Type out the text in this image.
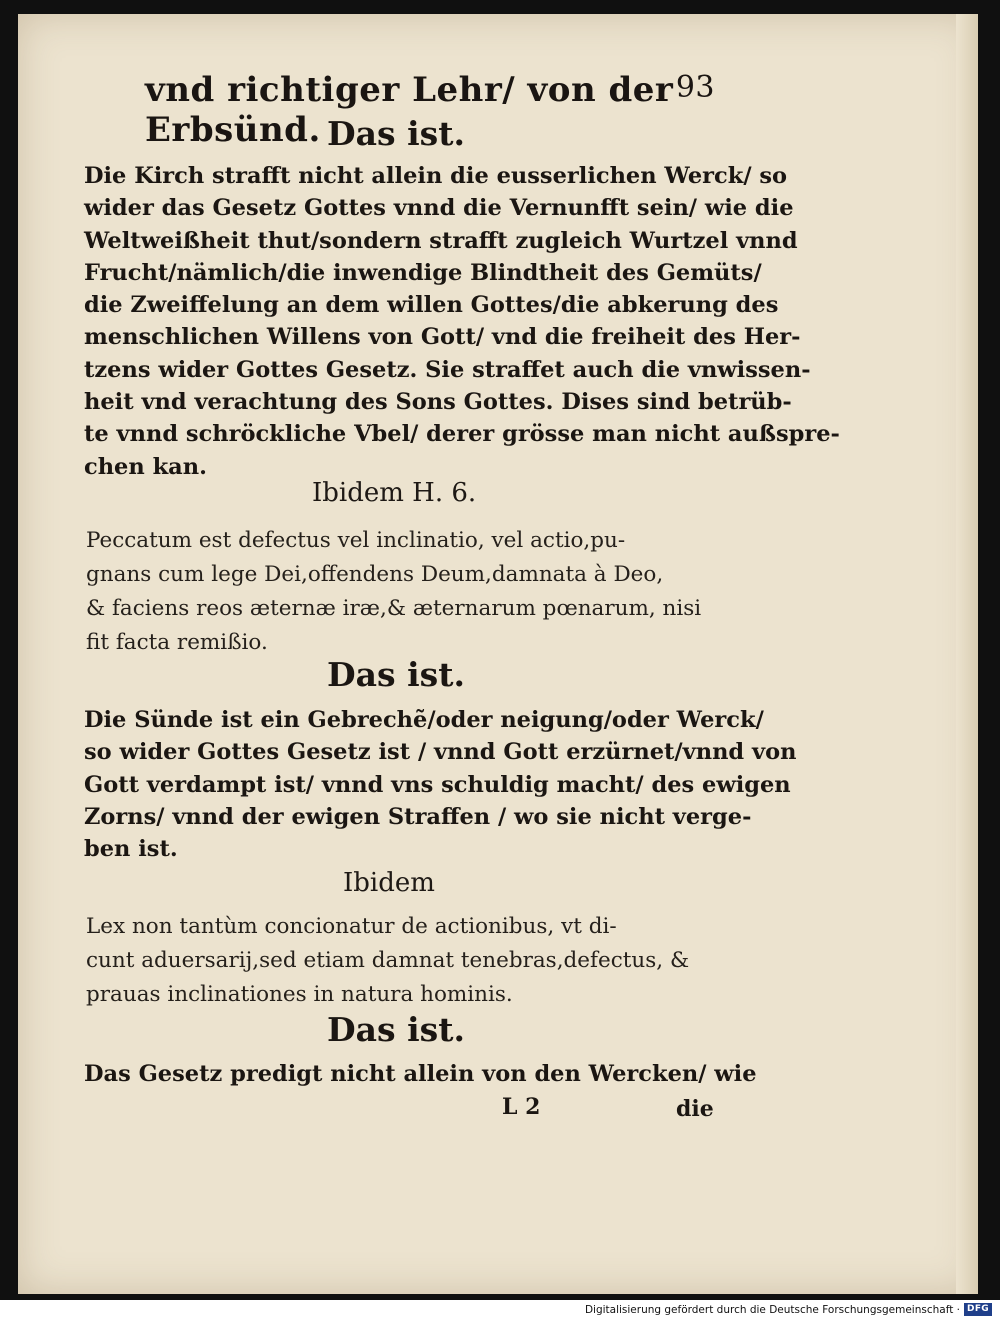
vnd richtiger Lehr/ von der Erbsünd.
93
Das ist.
Die Kirch strafft nicht allein die eusserlichen Werck/ so
wider das Gesetz Gottes vnnd die Vernunfft sein/ wie die
Weltweißheit thut/sondern strafft zugleich Wurtzel vnnd
Frucht/nämlich/die inwendige Blindtheit des Gemüts/
die Zweiffelung an dem willen Gottes/die abkerung des
menschlichen Willens von Gott/ vnd die freiheit des Her-
tzens wider Gottes Gesetz. Sie straffet auch die vnwissen-
heit vnd verachtung des Sons Gottes. Dises sind betrüb-
te vnnd schröckliche Vbel/ derer grösse man nicht außspre-
chen kan.
Ibidem H. 6.
Peccatum est defectus vel inclinatio, vel actio,pu-
gnans cum lege Dei,offendens Deum,damnata à Deo,
& faciens reos æternæ iræ,& æternarum pœnarum, nisi
fit facta remißio.
Das ist.
Die Sünde ist ein Gebrechẽ/oder neigung/oder Werck/
so wider Gottes Gesetz ist / vnnd Gott erzürnet/vnnd von
Gott verdampt ist/ vnnd vns schuldig macht/ des ewigen
Zorns/ vnnd der ewigen Straffen / wo sie nicht verge-
ben ist.
Ibidem
Lex non tantùm concionatur de actionibus, vt di-
cunt aduersarij,sed etiam damnat tenebras,defectus, &
prauas inclinationes in natura hominis.
Das ist.
Das Gesetz predigt nicht allein von den Wercken/ wie
L 2	die
Digitalisierung gefördert durch die Deutsche Forschungsgemeinschaft · DFG
